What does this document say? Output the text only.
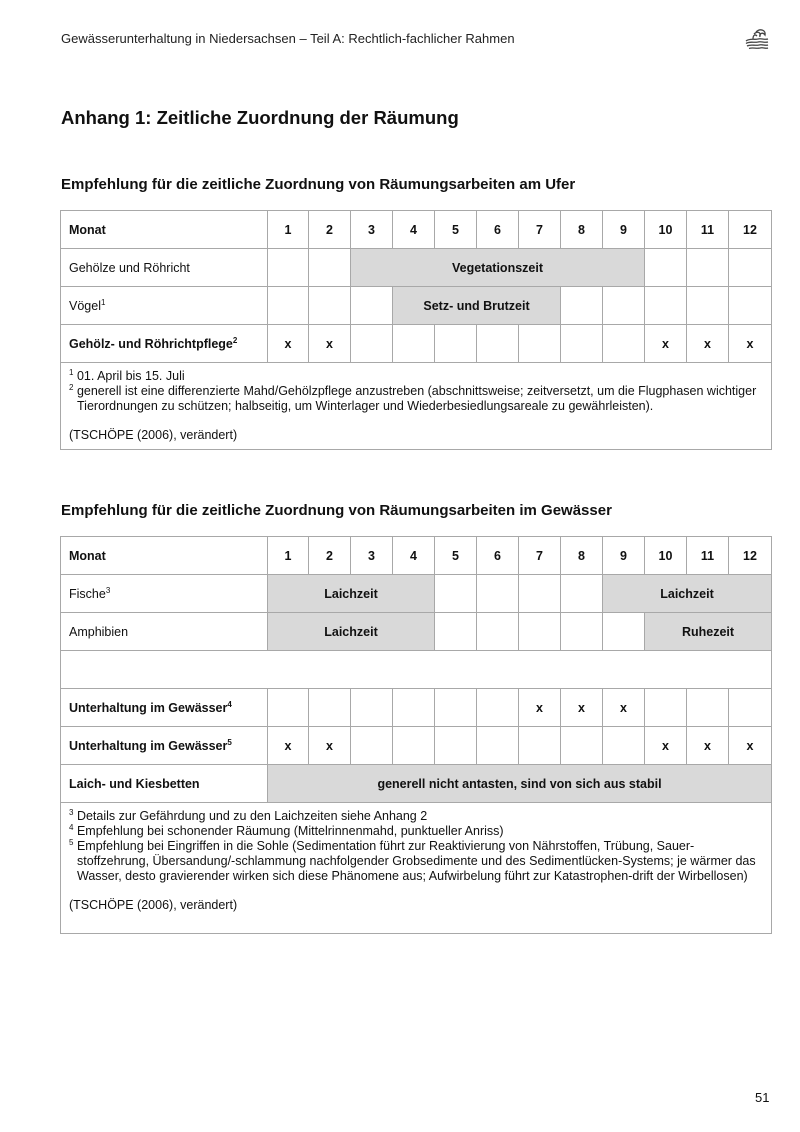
Gewässerunterhaltung in Niedersachsen – Teil A: Rechtlich-fachlicher Rahmen
Anhang 1: Zeitliche Zuordnung der Räumung
Empfehlung für die zeitliche Zuordnung von Räumungsarbeiten am Ufer
Monat	1	2	3	4	5	6	7	8	9	10	11	12
Gehölze und Röhricht			Vegetationszeit									
Vögel$^1$				Setz- und Brutzeit								
Gehölz- und Röhrichtpflege$^2$	x	x								x	x	x

$^1$ 01. April bis 15. Juli
$^2$ generell ist eine differenzierte Mahd/Gehölzpflege anzustreben (abschnittsweise; zeitversetzt, um die Flugphasen wichtiger Tierordnungen zu schützen; halbseitig, um Winterlager und Wiederbesiedlungsareale zu gewährleisten).
(TSCHÖPE (2006), verändert)												
Empfehlung für die zeitliche Zuordnung von Räumungsarbeiten im Gewässer
Monat	1	2	3	4	5	6	7	8	9	10	11	12
Fische$^3$	Laichzeit								Laichzeit			
Amphibien	Laichzeit									Ruhezeit		

Unterhaltung im Gewässer$^4$							x	x	x			
Unterhaltung im Gewässer$^5$	x	x								x	x	x
Laich- und Kiesbetten	generell nicht antasten, sind von sich aus stabil											

$^3$ Details zur Gefährdung und zu den Laichzeiten siehe Anhang 2
$^4$ Empfehlung bei schonender Räumung (Mittelrinnenmahd, punktueller Anriss)
$^5$ Empfehlung bei Eingriffen in die Sohle (Sedimentation führt zur Reaktivierung von Nährstoffen, Trübung, Sauer-stoffzehrung, Übersandung/-schlammung nachfolgender Grobsedimente und des Sedimentlücken-Systems; je wärmer das Wasser, desto gravierender wirken sich diese Phänomene aus; Aufwirbelung führt zur Katastrophen-drift der Wirbellosen)
(TSCHÖPE (2006), verändert)												
51
